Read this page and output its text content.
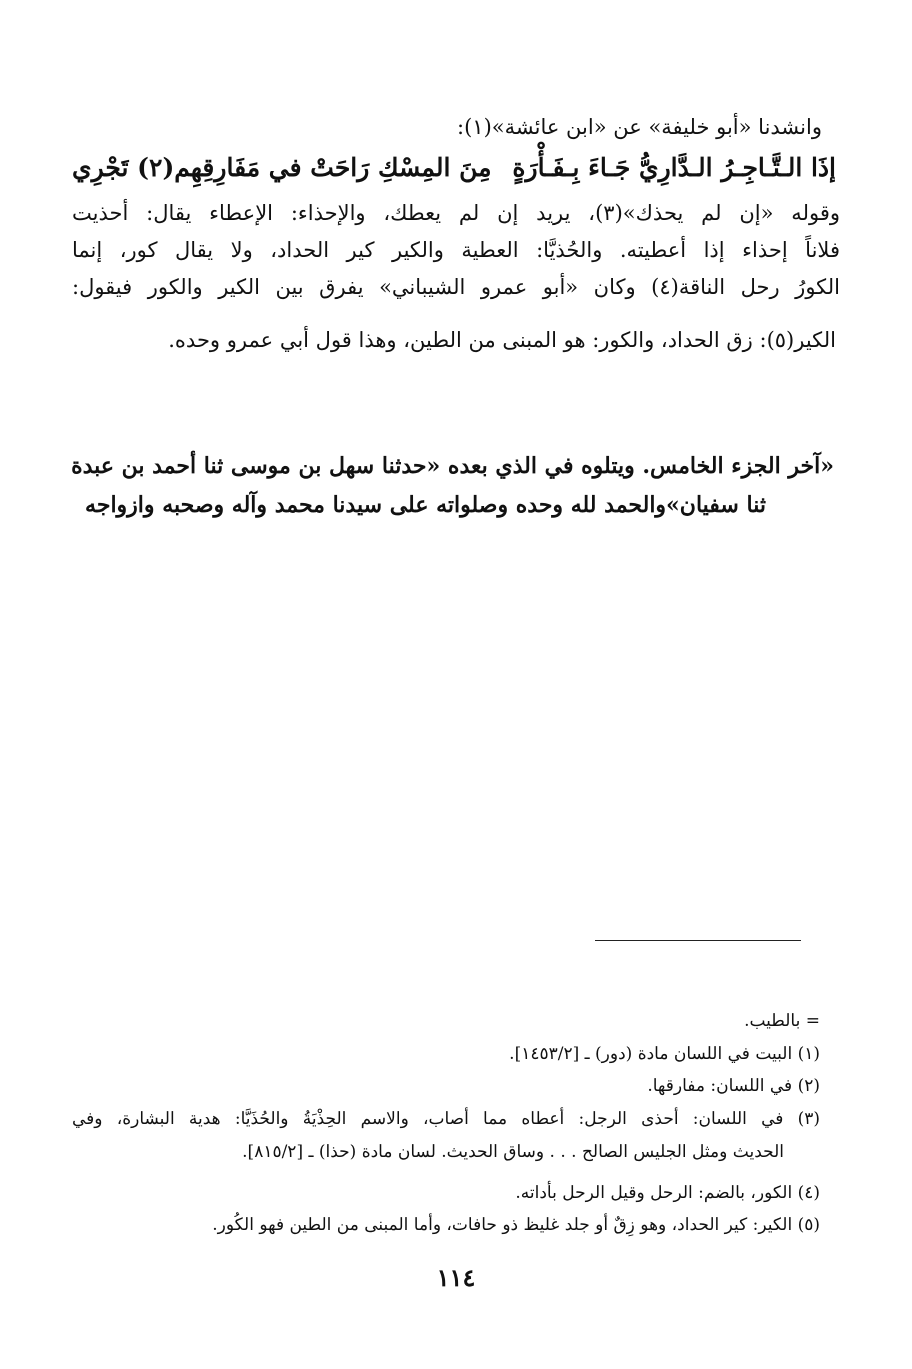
وانشدنا «أبو خليفة» عن «ابن عائشة»(١):
إذَا الـتَّـاجِـرُ الـدَّارِيُّ جَـاءَ بِـفَـأْرَةٍ
مِنَ المِسْكِ رَاحَتْ في مَفَارِقِهِم(٢) تَجْرِي
وقوله «إن لم يحذك»(٣)، يريد إن لم يعطك، والإحذاء: الإعطاء يقال: أحذيت
فلاناً إحذاء إذا أعطيته. والحُذيَّا: العطية والكير كير الحداد، ولا يقال كور، إنما
الكورُ رحل الناقة(٤) وكان «أبو عمرو الشيباني» يفرق بين الكير والكور فيقول:
الكير(٥): زق الحداد، والكور: هو المبنى من الطين، وهذا قول أبي عمرو وحده.
«آخر الجزء الخامس. ويتلوه في الذي بعده «حدثنا سهل بن موسى ثنا أحمد بن عبدة
ثنا سفيان»والحمد لله وحده وصلواته على سيدنا محمد وآله وصحبه وازواجه
= بالطيب.
(١) البيت في اللسان مادة (دور) ـ [١٤٥٣/٢].
(٢) في اللسان: مفارقها.
(٣) في اللسان: أحذى الرجل: أعطاه مما أصاب، والاسم الحِذْيَةُ والحُذَيَّا: هدية البشارة، وفي
الحديث ومثل الجليس الصالح . . . وساق الحديث. لسان مادة (حذا) ـ [٨١٥/٢].
(٤) الكور، بالضم: الرحل وقيل الرحل بأداته.
(٥) الكير: كير الحداد، وهو زِقٌ أو جلد غليظ ذو حافات، وأما المبنى من الطين فهو الكُور.
١١٤
